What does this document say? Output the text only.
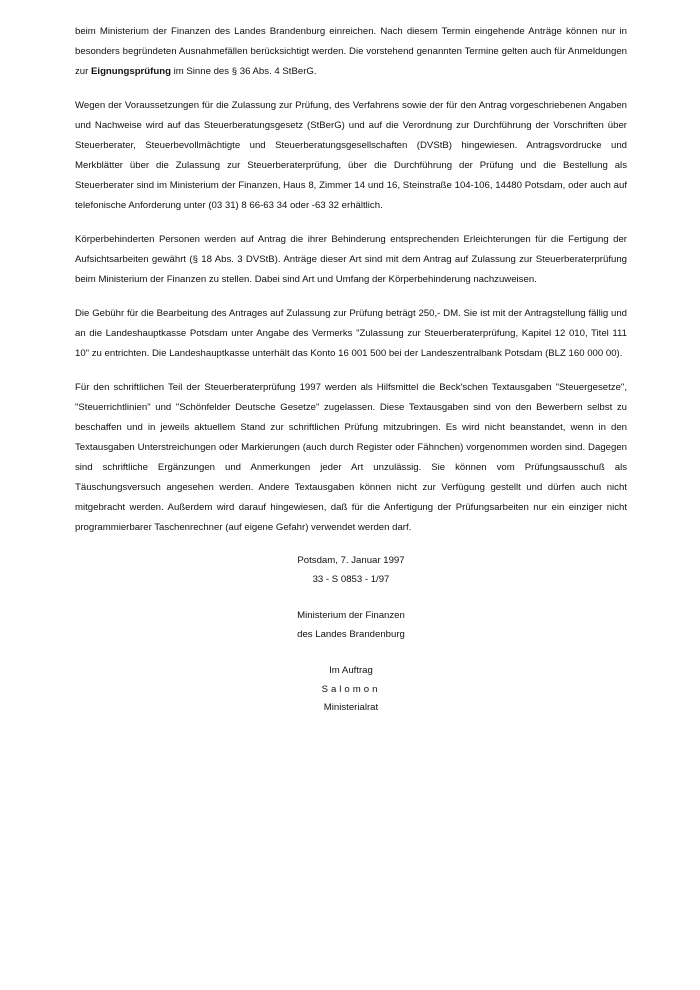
beim Ministerium der Finanzen des Landes Brandenburg einreichen. Nach diesem Termin eingehende Anträge können nur in besonders begründeten Ausnahmefällen berücksichtigt werden. Die vorstehend genannten Termine gelten auch für Anmeldungen zur Eignungsprüfung im Sinne des § 36 Abs. 4 StBerG.

Wegen der Voraussetzungen für die Zulassung zur Prüfung, des Verfahrens sowie der für den Antrag vorgeschriebenen Angaben und Nachweise wird auf das Steuerberatungsgesetz (StBerG) und auf die Verordnung zur Durchführung der Vorschriften über Steuerberater, Steuerbevollmächtigte und Steuerberatungsgesellschaften (DVStB) hingewiesen. Antragsvordrucke und Merkblätter über die Zulassung zur Steuerberaterprüfung, über die Durchführung der Prüfung und die Bestellung als Steuerberater sind im Ministerium der Finanzen, Haus 8, Zimmer 14 und 16, Steinstraße 104-106, 14480 Potsdam, oder auch auf telefonische Anforderung unter (03 31) 8 66-63 34 oder -63 32 erhältlich.

Körperbehinderten Personen werden auf Antrag die ihrer Behinderung entsprechenden Erleichterungen für die Fertigung der Aufsichtsarbeiten gewährt (§ 18 Abs. 3 DVStB). Anträge dieser Art sind mit dem Antrag auf Zulassung zur Steuerberaterprüfung beim Ministerium der Finanzen zu stellen. Dabei sind Art und Umfang der Körperbehinderung nachzuweisen.

Die Gebühr für die Bearbeitung des Antrages auf Zulassung zur Prüfung beträgt 250,- DM. Sie ist mit der Antragstellung fällig und an die Landeshauptkasse Potsdam unter Angabe des Vermerks "Zulassung zur Steuerberaterprüfung, Kapitel 12 010, Titel 111 10" zu entrichten. Die Landeshauptkasse unterhält das Konto 16 001 500 bei der Landeszentralbank Potsdam (BLZ 160 000 00).

Für den schriftlichen Teil der Steuerberaterprüfung 1997 werden als Hilfsmittel die Beck'schen Textausgaben "Steuergesetze", "Steuerrichtlinien" und "Schönfelder Deutsche Gesetze" zugelassen. Diese Textausgaben sind von den Bewerbern selbst zu beschaffen und in jeweils aktuellem Stand zur schriftlichen Prüfung mitzubringen. Es wird nicht beanstandet, wenn in den Textausgaben Unterstreichungen oder Markierungen (auch durch Register oder Fähnchen) vorgenommen worden sind. Dagegen sind schriftliche Ergänzungen und Anmerkungen jeder Art unzulässig. Sie können vom Prüfungsausschuß als Täuschungsversuch angesehen werden. Andere Textausgaben können nicht zur Verfügung gestellt und dürfen auch nicht mitgebracht werden. Außerdem wird darauf hingewiesen, daß für die Anfertigung der Prüfungsarbeiten nur ein einziger nicht programmierbarer Taschenrechner (auf eigene Gefahr) verwendet werden darf.

Potsdam, 7. Januar 1997
33 - S 0853 - 1/97
Ministerium der Finanzen
des Landes Brandenburg
Im Auftrag
Salomon
Ministerialrat
